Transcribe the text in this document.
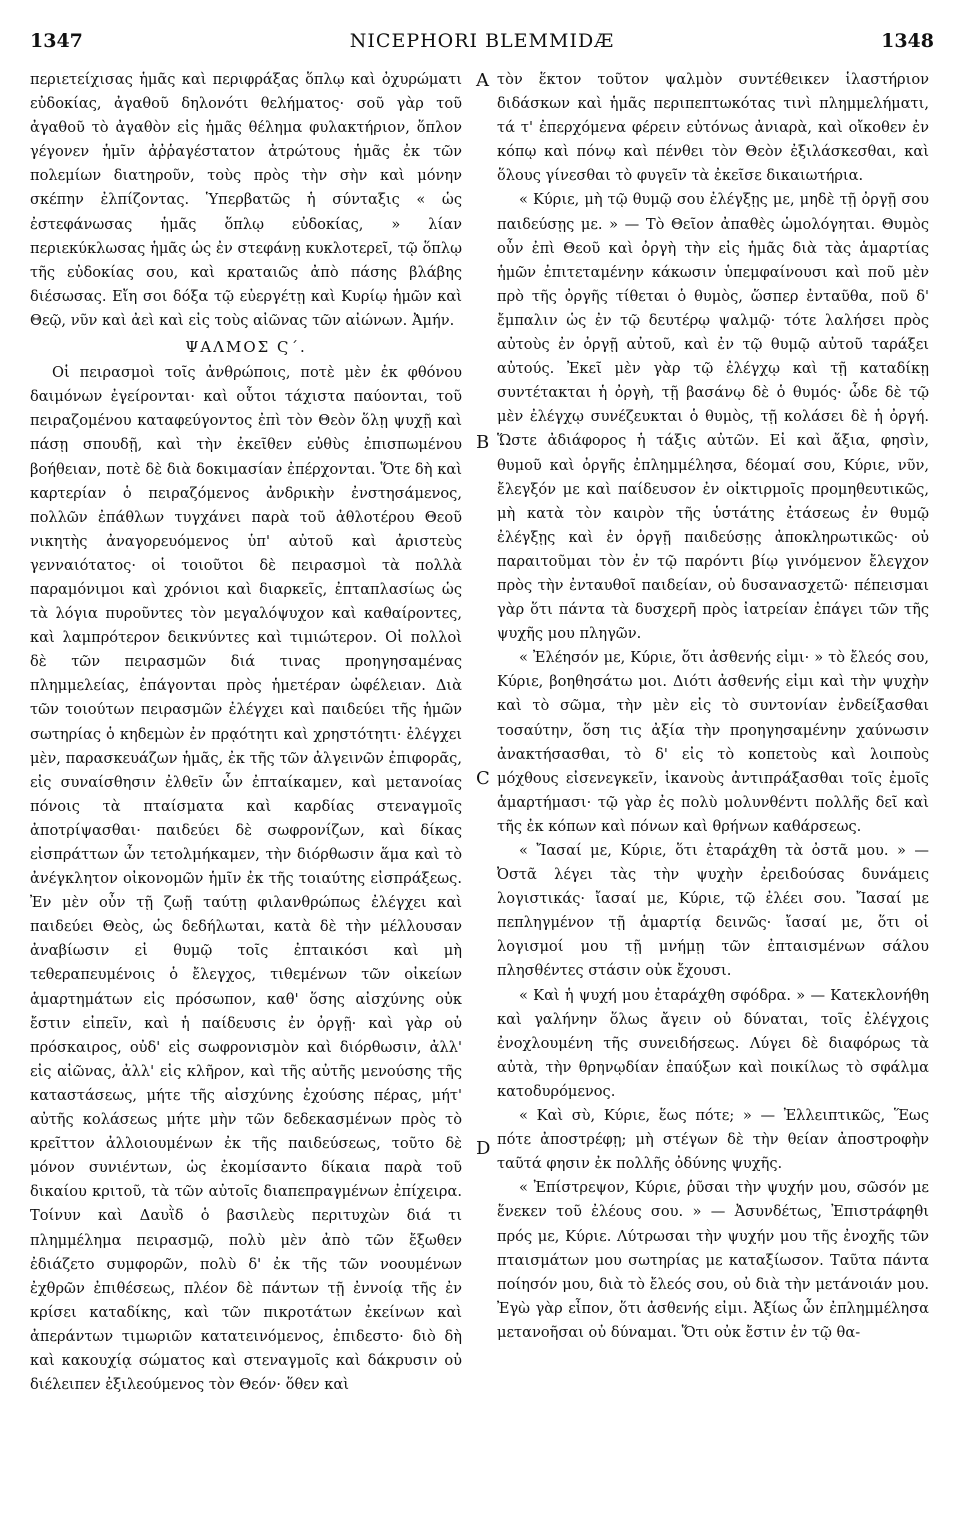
1347	NICEPHORI BLEMMIDÆ	1348

περιετείχισας ἡμᾶς καὶ περιφράξας ὅπλῳ καὶ ὀχυρώματι εὐδοκίας, ἀγαθοῦ δηλονότι θελήματος· σοῦ γὰρ τοῦ ἀγαθοῦ τὸ ἀγαθὸν εἰς ἡμᾶς θέλημα φυλακτήριον, ὅπλον γέγονεν ἡμῖν ἀῤῥαγέστατον ἀτρώτους ἡμᾶς ἐκ τῶν πολεμίων διατηροῦν, τοὺς πρὸς τὴν σὴν καὶ μόνην σκέπην ἐλπίζοντας. Ὑπερβατῶς ἡ σύνταξις « ὡς ἐστεφάνωσας ἡμᾶς ὅπλῳ εὐδοκίας, » λίαν περιεκύκλωσας ἡμᾶς ὡς ἐν στεφάνῃ κυκλοτερεῖ, τῷ ὅπλῳ τῆς εὐδοκίας σου, καὶ κραταιῶς ἀπὸ πάσης βλάβης διέσωσας. Εἴη σοι δόξα τῷ εὐεργέτῃ καὶ Κυρίῳ ἡμῶν καὶ Θεῷ, νῦν καὶ ἀεὶ καὶ εἰς τοὺς αἰῶνας τῶν αἰώνων. Ἀμήν.

ΨΑΛΜΟΣ Ϛ΄.

Οἱ πειρασμοὶ τοῖς ἀνθρώποις, ποτὲ μὲν ἐκ φθόνου δαιμόνων ἐγείρονται· καὶ οὗτοι τάχιστα παύονται, τοῦ πειραζομένου καταφεύγοντος ἐπὶ τὸν Θεὸν ὅλῃ ψυχῇ καὶ πάσῃ σπουδῇ, καὶ τὴν ἐκεῖθεν εὐθὺς ἐπισπωμένου βοήθειαν, ποτὲ δὲ διὰ δοκιμασίαν ἐπέρχονται. Ὅτε δὴ καὶ καρτερίαν ὁ πειραζόμενος ἀνδρικὴν ἐνστησάμενος, πολλῶν ἐπάθλων τυγχάνει παρὰ τοῦ ἀθλοτέρου Θεοῦ νικητὴς ἀναγορευόμενος ὑπ' αὐτοῦ καὶ ἀριστεὺς γενναιότατος· οἱ τοιοῦτοι δὲ πειρασμοὶ τὰ πολλὰ παραμόνιμοι καὶ χρόνιοι καὶ διαρκεῖς, ἐπταπλασίως ὡς τὰ λόγια πυροῦντες τὸν μεγαλόψυχον καὶ καθαίροντες, καὶ λαμπρότερον δεικνύντες καὶ τιμιώτερον. Οἱ πολλοὶ δὲ τῶν πειρασμῶν διά τινας προηγησαμένας πλημμελείας, ἐπάγονται πρὸς ἡμετέραν ὠφέλειαν. Διὰ τῶν τοιούτων πειρασμῶν ἐλέγχει καὶ παιδεύει τῆς ἡμῶν σωτηρίας ὁ κηδεμὼν ἐν πρᾳότητι καὶ χρηστότητι· ἐλέγχει μὲν, παρασκευάζων ἡμᾶς, ἐκ τῆς τῶν ἀλγεινῶν ἐπιφορᾶς, εἰς συναίσθησιν ἐλθεῖν ὧν ἐπταίκαμεν, καὶ μετανοίας πόνοις τὰ πταίσματα καὶ καρδίας στεναγμοῖς ἀποτρίψασθαι· παιδεύει δὲ σωφρονίζων, καὶ δίκας εἰσπράττων ὧν τετολμήκαμεν, τὴν διόρθωσιν ἅμα καὶ τὸ ἀνέγκλητον οἰκονομῶν ἡμῖν ἐκ τῆς τοιαύτης εἰσπράξεως. Ἐν μὲν οὖν τῇ ζωῇ ταύτῃ φιλανθρώπως ἐλέγχει καὶ παιδεύει Θεὸς, ὡς δεδήλωται, κατὰ δὲ τὴν μέλλουσαν ἀναβίωσιν εἰ θυμῷ τοῖς ἐπταικόσι καὶ μὴ τεθεραπευμένοις ὁ ἔλεγχος, τιθεμένων τῶν οἰκείων ἁμαρτημάτων εἰς πρόσωπον, καθ' ὅσης αἰσχύνης οὐκ ἔστιν εἰπεῖν, καὶ ἡ παίδευσις ἐν ὀργῇ· καὶ γὰρ οὐ πρόσκαιρος, οὐδ' εἰς σωφρονισμὸν καὶ διόρθωσιν, ἀλλ' εἰς αἰῶνας, ἀλλ' εἰς κλῆρον, καὶ τῆς αὐτῆς μενούσης τῆς καταστάσεως, μήτε τῆς αἰσχύνης ἐχούσης πέρας, μήτ' αὐτῆς κολάσεως μήτε μὴν τῶν δεδεκασμένων πρὸς τὸ κρεῖττον ἀλλοιουμένων ἐκ τῆς παιδεύσεως, τοῦτο δὲ μόνον συνιέντων, ὡς ἐκομίσαντο δίκαια παρὰ τοῦ δικαίου κριτοῦ, τὰ τῶν αὐτοῖς διαπεπραγμένων ἐπίχειρα. Τοίνυν καὶ Δαυῒδ ὁ βασιλεὺς περιτυχὼν διά τι πλημμέλημα πειρασμῷ, πολὺ μὲν ἀπὸ τῶν ἔξωθεν ἐδιάζετο συμφορῶν, πολὺ δ' ἐκ τῆς τῶν νοουμένων ἐχθρῶν ἐπιθέσεως, πλέον δὲ πάντων τῇ ἐννοίᾳ τῆς ἐν κρίσει καταδίκης, καὶ τῶν πικροτάτων ἐκείνων καὶ ἀπεράντων τιμωριῶν κατατεινόμενος, ἐπιδεστο· διὸ δὴ καὶ κακουχίᾳ σώματος καὶ στεναγμοῖς καὶ δάκρυσιν οὐ διέλειπεν ἐξιλεούμενος τὸν Θεόν· ὅθεν καὶ

A
B
C
D

τὸν ἕκτον τοῦτον ψαλμὸν συντέθεικεν ἱλαστήριον διδάσκων καὶ ἡμᾶς περιπεπτωκότας τινὶ πλημμελήματι, τά τ' ἐπερχόμενα φέρειν εὐτόνως ἀνιαρὰ, καὶ οἴκοθεν ἐν κόπῳ καὶ πόνῳ καὶ πένθει τὸν Θεὸν ἐξιλάσκεσθαι, καὶ ὅλους γίνεσθαι τὸ φυγεῖν τὰ ἐκεῖσε δικαιωτήρια.

« Κύριε, μὴ τῷ θυμῷ σου ἐλέγξῃς με, μηδὲ τῇ ὀργῇ σου παιδεύσῃς με. » — Τὸ Θεῖον ἀπαθὲς ὡμολόγηται. Θυμὸς οὖν ἐπὶ Θεοῦ καὶ ὀργὴ τὴν εἰς ἡμᾶς διὰ τὰς ἁμαρτίας ἡμῶν ἐπιτεταμένην κάκωσιν ὑπεμφαίνουσι καὶ ποῦ μὲν πρὸ τῆς ὀργῆς τίθεται ὁ θυμὸς, ὥσπερ ἐνταῦθα, ποῦ δ' ἔμπαλιν ὡς ἐν τῷ δευτέρῳ ψαλμῷ· τότε λαλήσει πρὸς αὐτοὺς ἐν ὀργῇ αὐτοῦ, καὶ ἐν τῷ θυμῷ αὐτοῦ ταράξει αὐτούς. Ἐκεῖ μὲν γὰρ τῷ ἐλέγχῳ καὶ τῇ καταδίκῃ συντέτακται ἡ ὀργὴ, τῇ βασάνῳ δὲ ὁ θυμός· ὧδε δὲ τῷ μὲν ἐλέγχῳ συνέζευκται ὁ θυμὸς, τῇ κολάσει δὲ ἡ ὀργή. Ὥστε ἀδιάφορος ἡ τάξις αὐτῶν. Εἰ καὶ ἄξια, φησὶν, θυμοῦ καὶ ὀργῆς ἐπλημμέλησα, δέομαί σου, Κύριε, νῦν, ἔλεγξόν με καὶ παίδευσον ἐν οἰκτιρμοῖς προμηθευτικῶς, μὴ κατὰ τὸν καιρὸν τῆς ὑστάτης ἐτάσεως ἐν θυμῷ ἐλέγξῃς καὶ ἐν ὀργῇ παιδεύσῃς ἀποκληρωτικῶς· οὐ παραιτοῦμαι τὸν ἐν τῷ παρόντι βίῳ γινόμενον ἔλεγχον πρὸς τὴν ἐνταυθοῖ παιδείαν, οὐ δυσανασχετῶ· πέπεισμαι γὰρ ὅτι πάντα τὰ δυσχερῆ πρὸς ἰατρείαν ἐπάγει τῶν τῆς ψυχῆς μου πληγῶν.

« Ἐλέησόν με, Κύριε, ὅτι ἀσθενής εἰμι· » τὸ ἔλεός σου, Κύριε, βοηθησάτω μοι. Διότι ἀσθενής εἰμι καὶ τὴν ψυχὴν καὶ τὸ σῶμα, τὴν μὲν εἰς τὸ συντονίαν ἐνδείξασθαι τοσαύτην, ὅση τις ἀξία τὴν προηγησαμένην χαύνωσιν ἀνακτήσασθαι, τὸ δ' εἰς τὸ κοπετοὺς καὶ λοιποὺς μόχθους εἰσενεγκεῖν, ἱκανοὺς ἀντιπράξασθαι τοῖς ἐμοῖς ἁμαρτήμασι· τῷ γὰρ ἐς πολὺ μολυνθέντι πολλῆς δεῖ καὶ τῆς ἐκ κόπων καὶ πόνων καὶ θρήνων καθάρσεως.

« Ἴασαί με, Κύριε, ὅτι ἐταράχθη τὰ ὀστᾶ μου. » — Ὀστᾶ λέγει τὰς τὴν ψυχὴν ἐρειδούσας δυνάμεις λογιστικάς· ἴασαί με, Κύριε, τῷ ἐλέει σου. Ἴασαί με πεπληγμένον τῇ ἁμαρτίᾳ δεινῶς· ἴασαί με, ὅτι οἱ λογισμοί μου τῇ μνήμῃ τῶν ἐπταισμένων σάλου πλησθέντες στάσιν οὐκ ἔχουσι.

« Καὶ ἡ ψυχή μου ἐταράχθη σφόδρα. » — Κατεκλονήθη καὶ γαλήνην ὅλως ἄγειν οὐ δύναται, τοῖς ἐλέγχοις ἐνοχλουμένη τῆς συνειδήσεως. Λύγει δὲ διαφόρως τὰ αὐτὰ, τὴν θρηνῳδίαν ἐπαύξων καὶ ποικίλως τὸ σφάλμα κατοδυρόμενος.

« Καὶ σὺ, Κύριε, ἕως πότε; » — Ἐλλειπτικῶς, Ἕως πότε ἀποστρέφῃ; μὴ στέγων δὲ τὴν θείαν ἀποστροφὴν ταῦτά φησιν ἐκ πολλῆς ὀδύνης ψυχῆς.

« Ἐπίστρεψον, Κύριε, ῥῦσαι τὴν ψυχήν μου, σῶσόν με ἕνεκεν τοῦ ἐλέους σου. » — Ἀσυνδέτως, Ἐπιστράφηθι πρός με, Κύριε. Λύτρωσαι τὴν ψυχήν μου τῆς ἐνοχῆς τῶν πταισμάτων μου σωτηρίας με καταξίωσον. Ταῦτα πάντα ποίησόν μου, διὰ τὸ ἔλεός σου, οὐ διὰ τὴν μετάνοιάν μου. Ἐγὼ γὰρ εἶπον, ὅτι ἀσθενής εἰμι. Ἀξίως ὧν ἐπλημμέλησα μετανοῆσαι οὐ δύναμαι. Ὅτι οὐκ ἔστιν ἐν τῷ θα-
